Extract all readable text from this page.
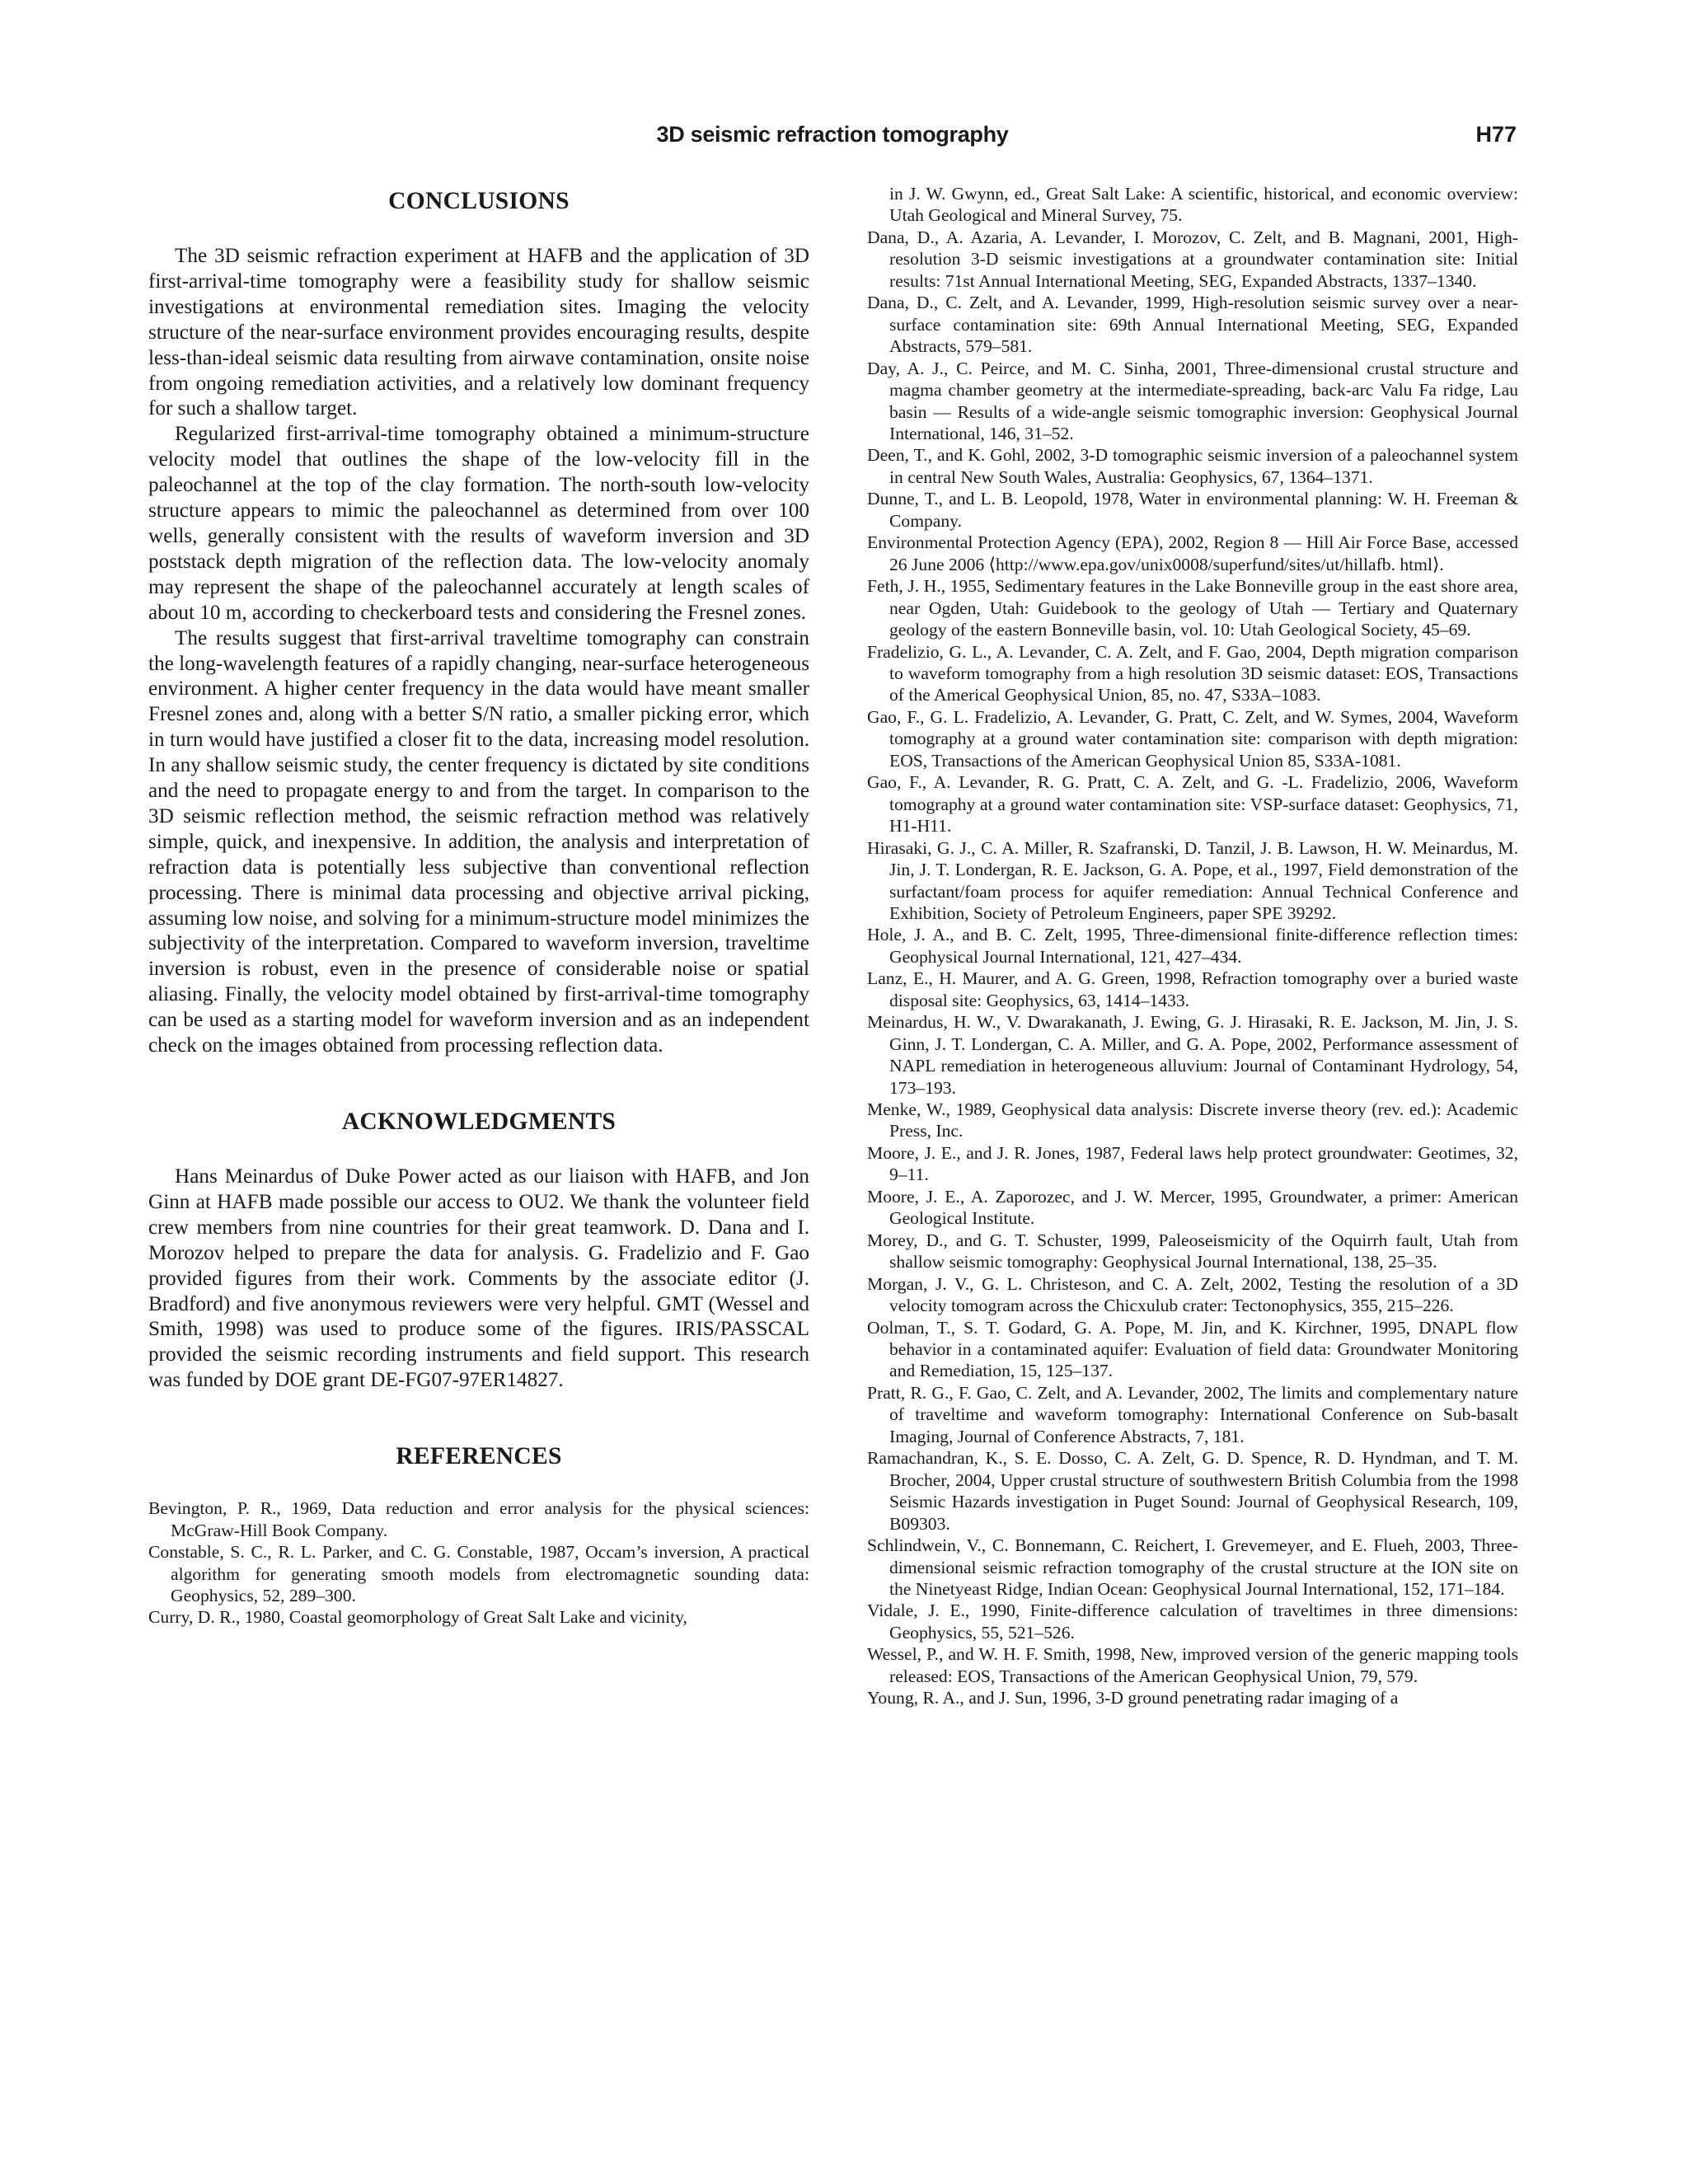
3D seismic refraction tomography	H77
CONCLUSIONS

The 3D seismic refraction experiment at HAFB and the application of 3D first-arrival-time tomography were a feasibility study for shallow seismic investigations at environmental remediation sites. Imaging the velocity structure of the near-surface environment provides encouraging results, despite less-than-ideal seismic data resulting from airwave contamination, onsite noise from ongoing remediation activities, and a relatively low dominant frequency for such a shallow target.

Regularized first-arrival-time tomography obtained a minimum-structure velocity model that outlines the shape of the low-velocity fill in the paleochannel at the top of the clay formation. The north-south low-velocity structure appears to mimic the paleochannel as determined from over 100 wells, generally consistent with the results of waveform inversion and 3D poststack depth migration of the reflection data. The low-velocity anomaly may represent the shape of the paleochannel accurately at length scales of about 10 m, according to checkerboard tests and considering the Fresnel zones.

The results suggest that first-arrival traveltime tomography can constrain the long-wavelength features of a rapidly changing, near-surface heterogeneous environment. A higher center frequency in the data would have meant smaller Fresnel zones and, along with a better S/N ratio, a smaller picking error, which in turn would have justified a closer fit to the data, increasing model resolution. In any shallow seismic study, the center frequency is dictated by site conditions and the need to propagate energy to and from the target. In comparison to the 3D seismic reflection method, the seismic refraction method was relatively simple, quick, and inexpensive. In addition, the analysis and interpretation of refraction data is potentially less subjective than conventional reflection processing. There is minimal data processing and objective arrival picking, assuming low noise, and solving for a minimum-structure model minimizes the subjectivity of the interpretation. Compared to waveform inversion, traveltime inversion is robust, even in the presence of considerable noise or spatial aliasing. Finally, the velocity model obtained by first-arrival-time tomography can be used as a starting model for waveform inversion and as an independent check on the images obtained from processing reflection data.

ACKNOWLEDGMENTS

Hans Meinardus of Duke Power acted as our liaison with HAFB, and Jon Ginn at HAFB made possible our access to OU2. We thank the volunteer field crew members from nine countries for their great teamwork. D. Dana and I. Morozov helped to prepare the data for analysis. G. Fradelizio and F. Gao provided figures from their work. Comments by the associate editor (J. Bradford) and five anonymous reviewers were very helpful. GMT (Wessel and Smith, 1998) was used to produce some of the figures. IRIS/PASSCAL provided the seismic recording instruments and field support. This research was funded by DOE grant DE-FG07-97ER14827.

REFERENCES

Bevington, P. R., 1969, Data reduction and error analysis for the physical sciences: McGraw-Hill Book Company.

Constable, S. C., R. L. Parker, and C. G. Constable, 1987, Occam’s inversion, A practical algorithm for generating smooth models from electromagnetic sounding data: Geophysics, 52, 289–300.

Curry, D. R., 1980, Coastal geomorphology of Great Salt Lake and vicinity,

in J. W. Gwynn, ed., Great Salt Lake: A scientific, historical, and economic overview: Utah Geological and Mineral Survey, 75.

Dana, D., A. Azaria, A. Levander, I. Morozov, C. Zelt, and B. Magnani, 2001, High-resolution 3-D seismic investigations at a groundwater contamination site: Initial results: 71st Annual International Meeting, SEG, Expanded Abstracts, 1337–1340.

Dana, D., C. Zelt, and A. Levander, 1999, High-resolution seismic survey over a near-surface contamination site: 69th Annual International Meeting, SEG, Expanded Abstracts, 579–581.

Day, A. J., C. Peirce, and M. C. Sinha, 2001, Three-dimensional crustal structure and magma chamber geometry at the intermediate-spreading, back-arc Valu Fa ridge, Lau basin — Results of a wide-angle seismic tomographic inversion: Geophysical Journal International, 146, 31–52.

Deen, T., and K. Gohl, 2002, 3-D tomographic seismic inversion of a paleochannel system in central New South Wales, Australia: Geophysics, 67, 1364–1371.

Dunne, T., and L. B. Leopold, 1978, Water in environmental planning: W. H. Freeman & Company.

Environmental Protection Agency (EPA), 2002, Region 8 — Hill Air Force Base, accessed 26 June 2006 ⟨http://www.epa.gov/unix0008/superfund/sites/ut/hillafb. html⟩.

Feth, J. H., 1955, Sedimentary features in the Lake Bonneville group in the east shore area, near Ogden, Utah: Guidebook to the geology of Utah — Tertiary and Quaternary geology of the eastern Bonneville basin, vol. 10: Utah Geological Society, 45–69.

Fradelizio, G. L., A. Levander, C. A. Zelt, and F. Gao, 2004, Depth migration comparison to waveform tomography from a high resolution 3D seismic dataset: EOS, Transactions of the Americal Geophysical Union, 85, no. 47, S33A–1083.

Gao, F., G. L. Fradelizio, A. Levander, G. Pratt, C. Zelt, and W. Symes, 2004, Waveform tomography at a ground water contamination site: comparison with depth migration: EOS, Transactions of the American Geophysical Union 85, S33A-1081.

Gao, F., A. Levander, R. G. Pratt, C. A. Zelt, and G. -L. Fradelizio, 2006, Waveform tomography at a ground water contamination site: VSP-surface dataset: Geophysics, 71, H1-H11.

Hirasaki, G. J., C. A. Miller, R. Szafranski, D. Tanzil, J. B. Lawson, H. W. Meinardus, M. Jin, J. T. Londergan, R. E. Jackson, G. A. Pope, et al., 1997, Field demonstration of the surfactant/foam process for aquifer remediation: Annual Technical Conference and Exhibition, Society of Petroleum Engineers, paper SPE 39292.

Hole, J. A., and B. C. Zelt, 1995, Three-dimensional finite-difference reflection times: Geophysical Journal International, 121, 427–434.

Lanz, E., H. Maurer, and A. G. Green, 1998, Refraction tomography over a buried waste disposal site: Geophysics, 63, 1414–1433.

Meinardus, H. W., V. Dwarakanath, J. Ewing, G. J. Hirasaki, R. E. Jackson, M. Jin, J. S. Ginn, J. T. Londergan, C. A. Miller, and G. A. Pope, 2002, Performance assessment of NAPL remediation in heterogeneous alluvium: Journal of Contaminant Hydrology, 54, 173–193.

Menke, W., 1989, Geophysical data analysis: Discrete inverse theory (rev. ed.): Academic Press, Inc.

Moore, J. E., and J. R. Jones, 1987, Federal laws help protect groundwater: Geotimes, 32, 9–11.

Moore, J. E., A. Zaporozec, and J. W. Mercer, 1995, Groundwater, a primer: American Geological Institute.

Morey, D., and G. T. Schuster, 1999, Paleoseismicity of the Oquirrh fault, Utah from shallow seismic tomography: Geophysical Journal International, 138, 25–35.

Morgan, J. V., G. L. Christeson, and C. A. Zelt, 2002, Testing the resolution of a 3D velocity tomogram across the Chicxulub crater: Tectonophysics, 355, 215–226.

Oolman, T., S. T. Godard, G. A. Pope, M. Jin, and K. Kirchner, 1995, DNAPL flow behavior in a contaminated aquifer: Evaluation of field data: Groundwater Monitoring and Remediation, 15, 125–137.

Pratt, R. G., F. Gao, C. Zelt, and A. Levander, 2002, The limits and complementary nature of traveltime and waveform tomography: International Conference on Sub-basalt Imaging, Journal of Conference Abstracts, 7, 181.

Ramachandran, K., S. E. Dosso, C. A. Zelt, G. D. Spence, R. D. Hyndman, and T. M. Brocher, 2004, Upper crustal structure of southwestern British Columbia from the 1998 Seismic Hazards investigation in Puget Sound: Journal of Geophysical Research, 109, B09303.

Schlindwein, V., C. Bonnemann, C. Reichert, I. Grevemeyer, and E. Flueh, 2003, Three-dimensional seismic refraction tomography of the crustal structure at the ION site on the Ninetyeast Ridge, Indian Ocean: Geophysical Journal International, 152, 171–184.

Vidale, J. E., 1990, Finite-difference calculation of traveltimes in three dimensions: Geophysics, 55, 521–526.

Wessel, P., and W. H. F. Smith, 1998, New, improved version of the generic mapping tools released: EOS, Transactions of the American Geophysical Union, 79, 579.

Young, R. A., and J. Sun, 1996, 3-D ground penetrating radar imaging of a
